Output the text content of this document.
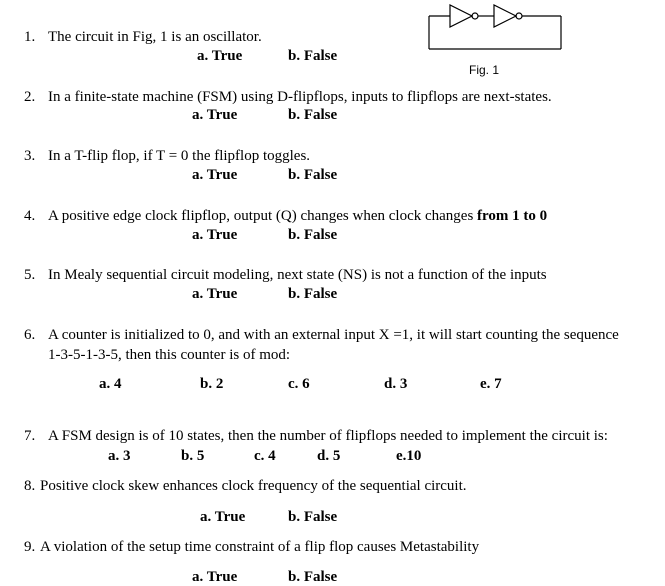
Fig. 1
1. The circuit in Fig, 1 is an oscillator.
a. True	b. False
2. In a finite-state machine (FSM) using D-flipflops, inputs to flipflops are next-states.
a. True	b. False
3. In a T-flip flop, if T = 0 the flipflop toggles.
a. True	b. False
4. A positive edge clock flipflop, output (Q) changes when clock changes from 1 to 0
a. True	b. False
5. In Mealy sequential circuit modeling, next state (NS) is not a function of the inputs
a. True	b. False
6. A counter is initialized to 0, and with an external input X =1, it will start counting the sequence
1-3-5-1-3-5, then this counter is of mod:
a. 4	b. 2	c. 6	d. 3	e. 7
7. A FSM design is of 10 states, then the number of flipflops needed to implement the circuit is:
a. 3	b. 5	c. 4	d. 5	e.10
8. Positive clock skew enhances clock frequency of the sequential circuit.
a. True	b. False
9. A violation of the setup time constraint of a flip flop causes Metastability
a. True	b. False
